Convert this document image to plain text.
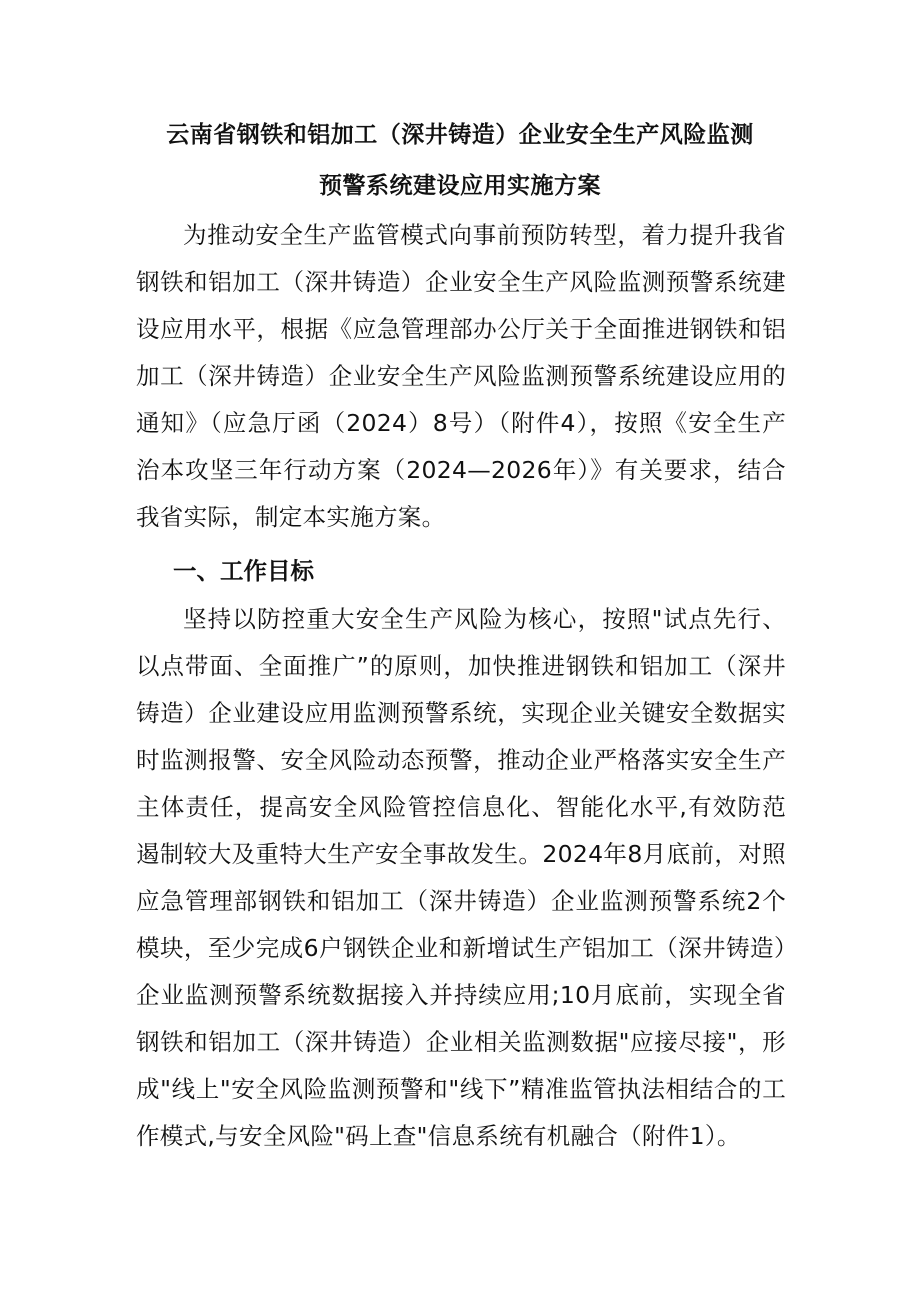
云南省钢铁和铝加工（深井铸造）企业安全生产风险监测
预警系统建设应用实施方案
为推动安全生产监管模式向事前预防转型，着力提升我省钢铁和铝加工（深井铸造）企业安全生产风险监测预警系统建设应用水平，根据《应急管理部办公厅关于全面推进钢铁和铝加工（深井铸造）企业安全生产风险监测预警系统建设应用的通知》（应急厅函（2024）8号）（附件4），按照《安全生产治本攻坚三年行动方案（2024—2026年）》有关要求，结合我省实际，制定本实施方案。
一、工作目标
坚持以防控重大安全生产风险为核心，按照"试点先行、以点带面、全面推广”的原则，加快推进钢铁和铝加工（深井铸造）企业建设应用监测预警系统，实现企业关键安全数据实时监测报警、安全风险动态预警，推动企业严格落实安全生产主体责任，提高安全风险管控信息化、智能化水平,有效防范遏制较大及重特大生产安全事故发生。2024年8月底前，对照应急管理部钢铁和铝加工（深井铸造）企业监测预警系统2个模块，至少完成6户钢铁企业和新增试生产铝加工（深井铸造）企业监测预警系统数据接入并持续应用;10月底前，实现全省钢铁和铝加工（深井铸造）企业相关监测数据"应接尽接"，形成"线上"安全风险监测预警和"线下”精准监管执法相结合的工作模式,与安全风险"码上查"信息系统有机融合（附件1）。
